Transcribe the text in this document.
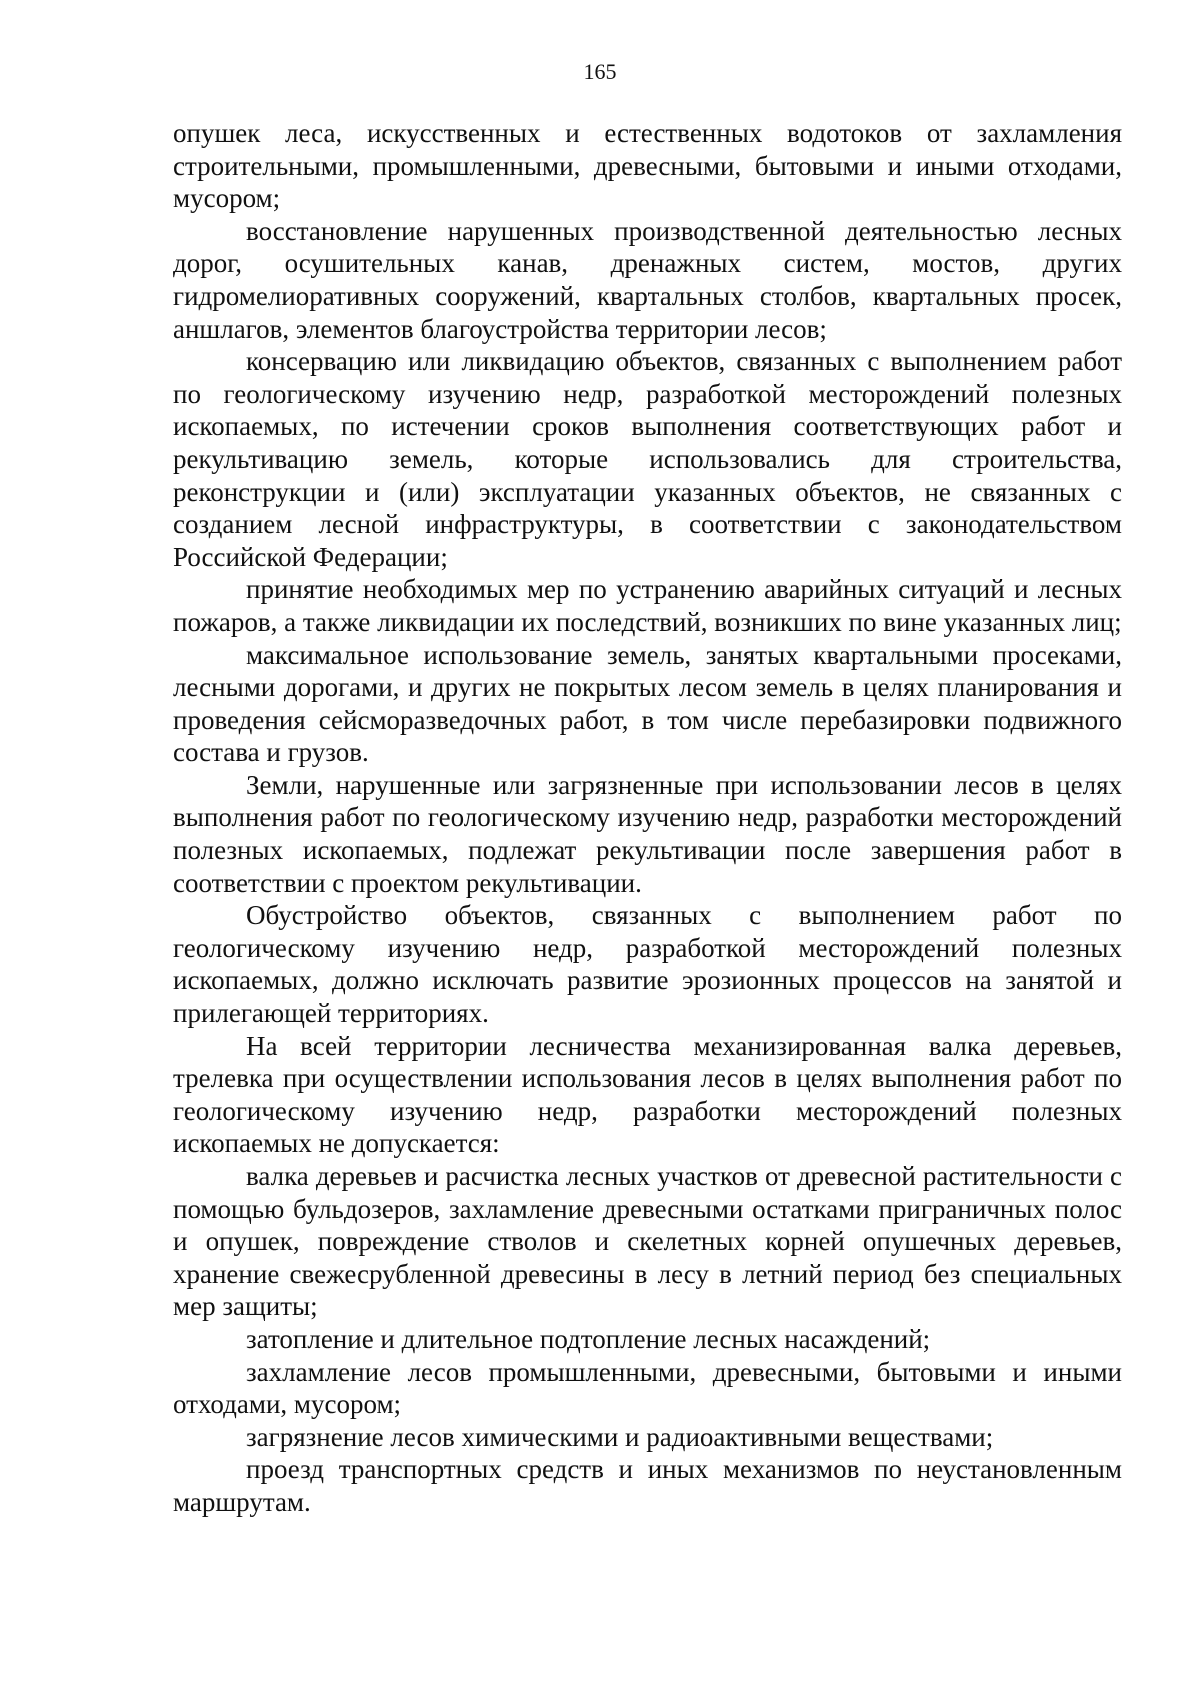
165

опушек леса, искусственных и естественных водотоков от захламления строительными, промышленными, древесными, бытовыми и иными отходами, мусором;

восстановление нарушенных производственной деятельностью лесных дорог, осушительных канав, дренажных систем, мостов, других гидромелиоративных сооружений, квартальных столбов, квартальных просек, аншлагов, элементов благоустройства территории лесов;

консервацию или ликвидацию объектов, связанных с выполнением работ по геологическому изучению недр, разработкой месторождений полезных ископаемых, по истечении сроков выполнения соответствующих работ и рекультивацию земель, которые использовались для строительства, реконструкции и (или) эксплуатации указанных объектов, не связанных с созданием лесной инфраструктуры, в соответствии с законодательством Российской Федерации;

принятие необходимых мер по устранению аварийных ситуаций и лесных пожаров, а также ликвидации их последствий, возникших по вине указанных лиц;

максимальное использование земель, занятых квартальными просеками, лесными дорогами, и других не покрытых лесом земель в целях планирования и проведения сейсморазведочных работ, в том числе перебазировки подвижного состава и грузов.

Земли, нарушенные или загрязненные при использовании лесов в целях выполнения работ по геологическому изучению недр, разработки месторождений полезных ископаемых, подлежат рекультивации после завершения работ в соответствии с проектом рекультивации.

Обустройство объектов, связанных с выполнением работ по геологическому изучению недр, разработкой месторождений полезных ископаемых, должно исключать развитие эрозионных процессов на занятой и прилегающей территориях.

На всей территории лесничества механизированная валка деревьев, трелевка при осуществлении использования лесов в целях выполнения работ по геологическому изучению недр, разработки месторождений полезных ископаемых не допускается:

валка деревьев и расчистка лесных участков от древесной растительности с помощью бульдозеров, захламление древесными остатками приграничных полос и опушек, повреждение стволов и скелетных корней опушечных деревьев, хранение свежесрубленной древесины в лесу в летний период без специальных мер защиты;

затопление и длительное подтопление лесных насаждений;

захламление лесов промышленными, древесными, бытовыми и иными отходами, мусором;

загрязнение лесов химическими и радиоактивными веществами;

проезд транспортных средств и иных механизмов по неустановленным маршрутам.
